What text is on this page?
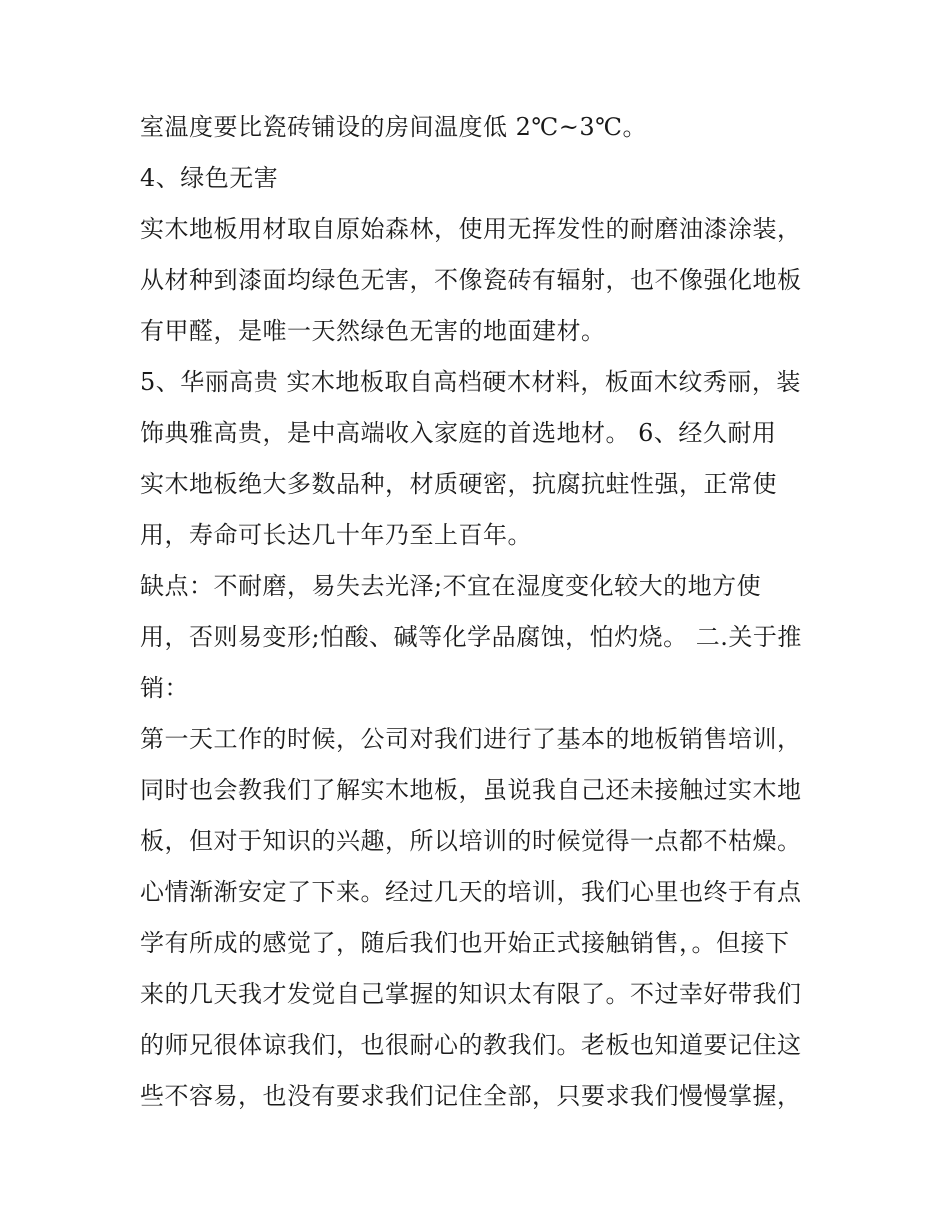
室温度要比瓷砖铺设的房间温度低 2℃~3℃。
4、绿色无害
实木地板用材取自原始森林，使用无挥发性的耐磨油漆涂装，
从材种到漆面均绿色无害，不像瓷砖有辐射，也不像强化地板
有甲醛，是唯一天然绿色无害的地面建材。
5、华丽高贵 实木地板取自高档硬木材料，板面木纹秀丽，装
饰典雅高贵，是中高端收入家庭的首选地材。 6、经久耐用
实木地板绝大多数品种，材质硬密，抗腐抗蛀性强，正常使
用，寿命可长达几十年乃至上百年。
缺点：不耐磨，易失去光泽;不宜在湿度变化较大的地方使
用，否则易变形;怕酸、碱等化学品腐蚀，怕灼烧。 二.关于推
销：
第一天工作的时候，公司对我们进行了基本的地板销售培训，
同时也会教我们了解实木地板，虽说我自己还未接触过实木地
板，但对于知识的兴趣，所以培训的时候觉得一点都不枯燥。
心情渐渐安定了下来。经过几天的培训，我们心里也终于有点
学有所成的感觉了，随后我们也开始正式接触销售，。但接下
来的几天我才发觉自己掌握的知识太有限了。不过幸好带我们
的师兄很体谅我们，也很耐心的教我们。老板也知道要记住这
些不容易，也没有要求我们记住全部，只要求我们慢慢掌握，
